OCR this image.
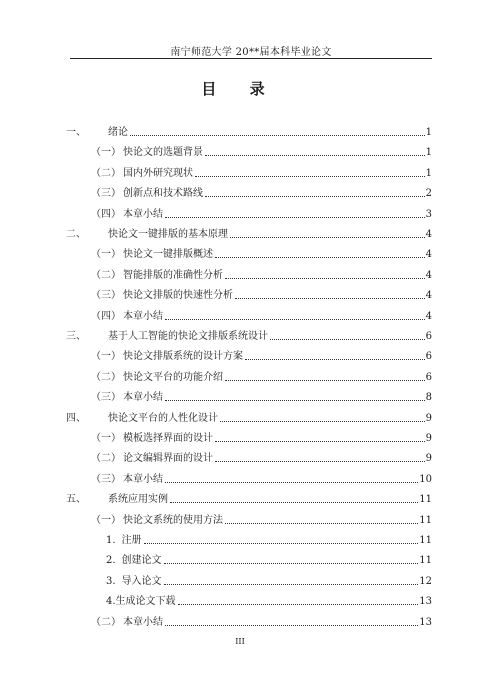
南宁师范大学 20**届本科毕业论文
目 录
一、 绪论	1
（一） 快论文的选题背景	1
（二） 国内外研究现状	1
（三） 创新点和技术路线	2
（四） 本章小结	3
二、 快论文一键排版的基本原理	4
（一） 快论文一键排版概述	4
（二） 智能排版的准确性分析	4
（三） 快论文排版的快速性分析	4
（四） 本章小结	4
三、 基于人工智能的快论文排版系统设计	6
（一） 快论文排版系统的设计方案	6
（二） 快论文平台的功能介绍	6
（三） 本章小结	8
四、 快论文平台的人性化设计	9
（一） 模板选择界面的设计	9
（二） 论文编辑界面的设计	9
（三） 本章小结	10
五、 系统应用实例	11
（一） 快论文系统的使用方法	11
1. 注册	11
2. 创建论文	11
3. 导入论文	12
4.生成论文下载	13
（二） 本章小结	13
III
